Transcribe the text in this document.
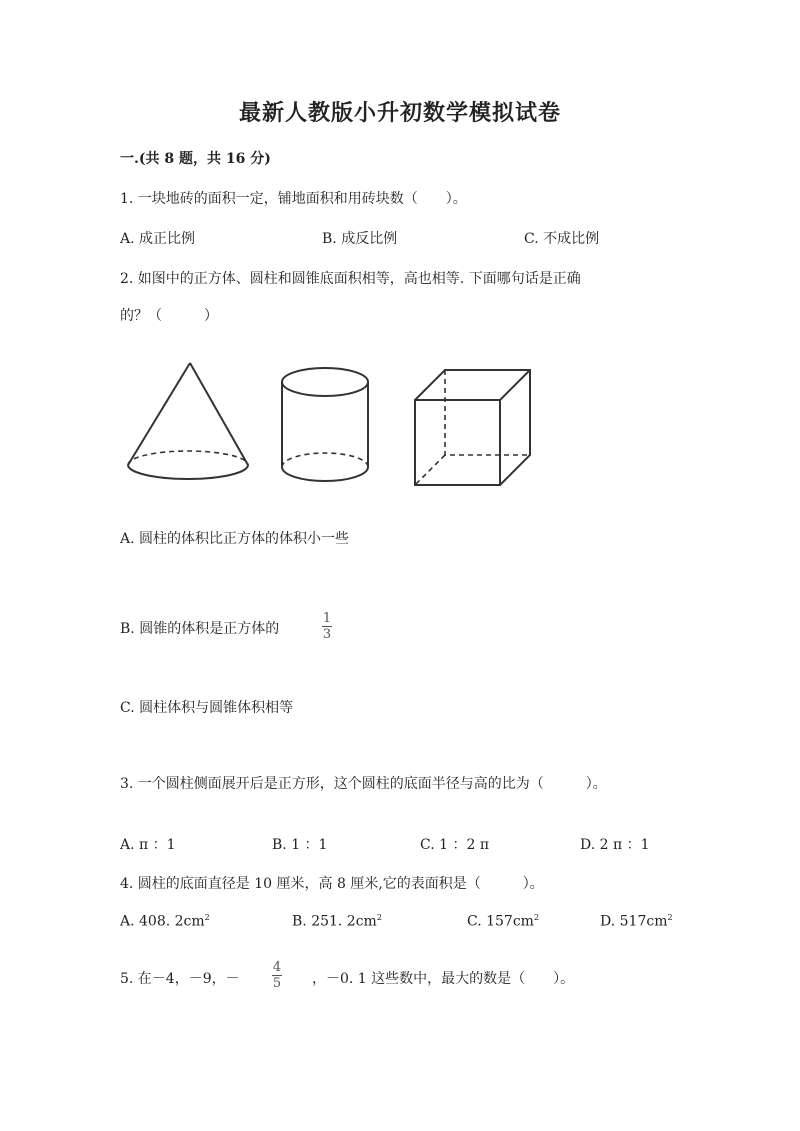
最新人教版小升初数学模拟试卷
一.(共 8 题，共 16 分)
1. 一块地砖的面积一定，铺地面积和用砖块数（　　）。
A. 成正比例	B. 成反比例	C. 不成比例
2. 如图中的正方体、圆柱和圆锥底面积相等，高也相等. 下面哪句话是正确
的？（　　　）
A. 圆柱的体积比正方体的体积小一些
B. 圆锥的体积是正方体的	$\frac{1}{3}$
C. 圆柱体积与圆锥体积相等
3. 一个圆柱侧面展开后是正方形，这个圆柱的底面半径与高的比为（　　　）。
A. π ：1	B. 1 ：1	C. 1 ：2 π	D. 2 π ：1
4. 圆柱的底面直径是 10 厘米，高 8 厘米,它的表面积是（　　　）。
A. 408. $2cm^2$	B. 251. $2cm^2$	C. $157cm^2$	D. $517cm^2$
5. 在－4，－9，－ $\frac{4}{5}$ ，－0. 1 这些数中，最大的数是（　　）。
